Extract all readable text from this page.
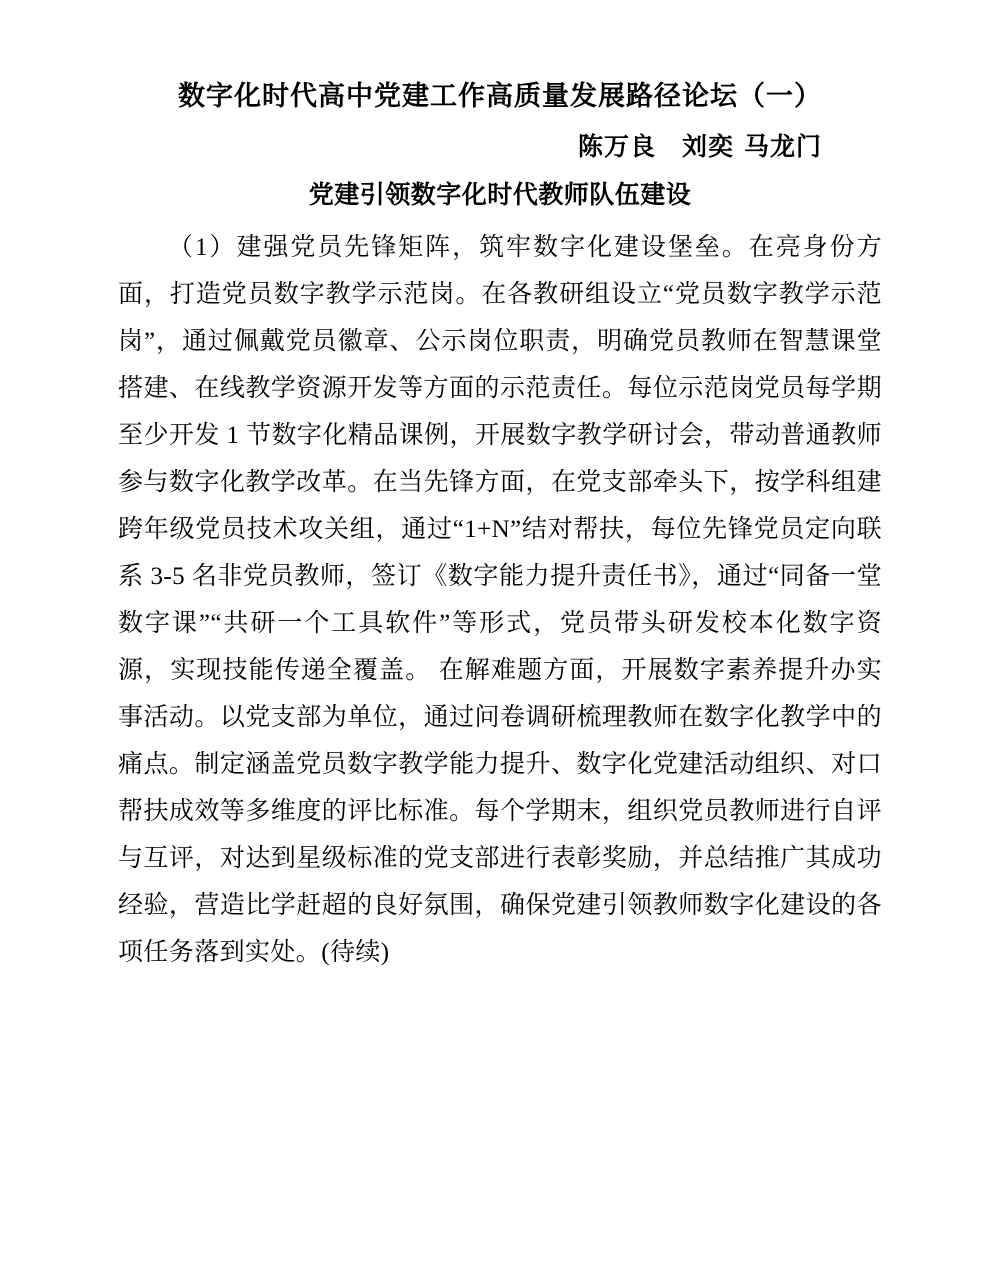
数字化时代高中党建工作高质量发展路径论坛（一）
陈万良 刘奕 马龙门
党建引领数字化时代教师队伍建设

（1）建强党员先锋矩阵，筑牢数字化建设堡垒。在亮身份方面，打造党员数字教学示范岗。在各教研组设立“党员数字教学示范岗”，通过佩戴党员徽章、公示岗位职责，明确党员教师在智慧课堂搭建、在线教学资源开发等方面的示范责任。每位示范岗党员每学期至少开发 1 节数字化精品课例，开展数字教学研讨会，带动普通教师参与数字化教学改革。在当先锋方面，在党支部牵头下，按学科组建跨年级党员技术攻关组，通过“1+N”结对帮扶，每位先锋党员定向联系 3-5 名非党员教师，签订《数字能力提升责任书》，通过“同备一堂数字课”“共研一个工具软件”等形式，党员带头研发校本化数字资源，实现技能传递全覆盖。 在解难题方面，开展数字素养提升办实事活动。以党支部为单位，通过问卷调研梳理教师在数字化教学中的痛点。制定涵盖党员数字教学能力提升、数字化党建活动组织、对口帮扶成效等多维度的评比标准。每个学期末，组织党员教师进行自评与互评，对达到星级标准的党支部进行表彰奖励，并总结推广其成功经验，营造比学赶超的良好氛围，确保党建引领教师数字化建设的各项任务落到实处。(待续)
